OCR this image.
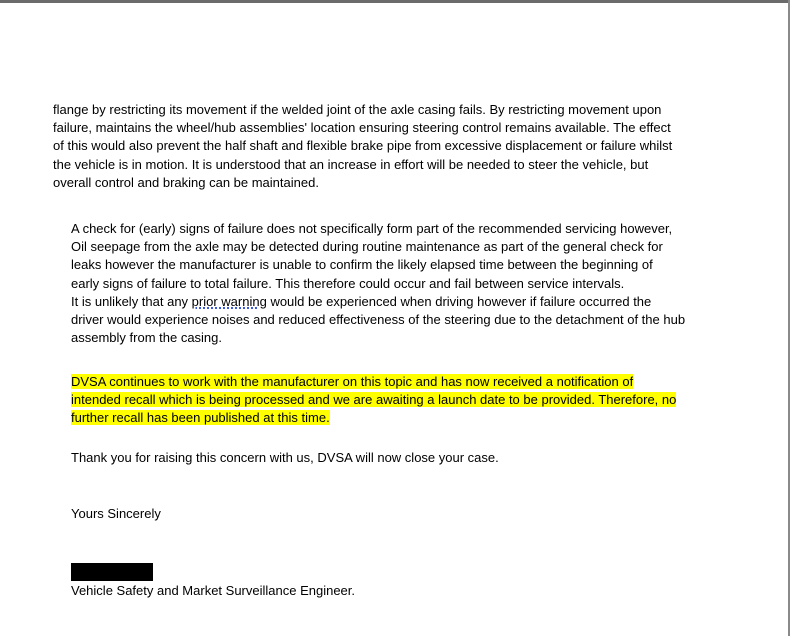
flange by restricting its movement if the welded joint of the axle casing fails. By restricting movement upon
failure, maintains the wheel/hub assemblies' location ensuring steering control remains available. The effect
of this would also prevent the half shaft and flexible brake pipe from excessive displacement or failure whilst
the vehicle is in motion. It is understood that an increase in effort will be needed to steer the vehicle, but
overall control and braking can be maintained.

A check for (early) signs of failure does not specifically form part of the recommended servicing however,
Oil seepage from the axle may be detected during routine maintenance as part of the general check for
leaks however the manufacturer is unable to confirm the likely elapsed time between the beginning of
early signs of failure to total failure. This therefore could occur and fail between service intervals.
It is unlikely that any prior warning would be experienced when driving however if failure occurred the
driver would experience noises and reduced effectiveness of the steering due to the detachment of the hub
assembly from the casing.

DVSA continues to work with the manufacturer on this topic and has now received a notification of
intended recall which is being processed and we are awaiting a launch date to be provided. Therefore, no
further recall has been published at this time.

Thank you for raising this concern with us, DVSA will now close your case.

Yours Sincerely

Vehicle Safety and Market Surveillance Engineer.
